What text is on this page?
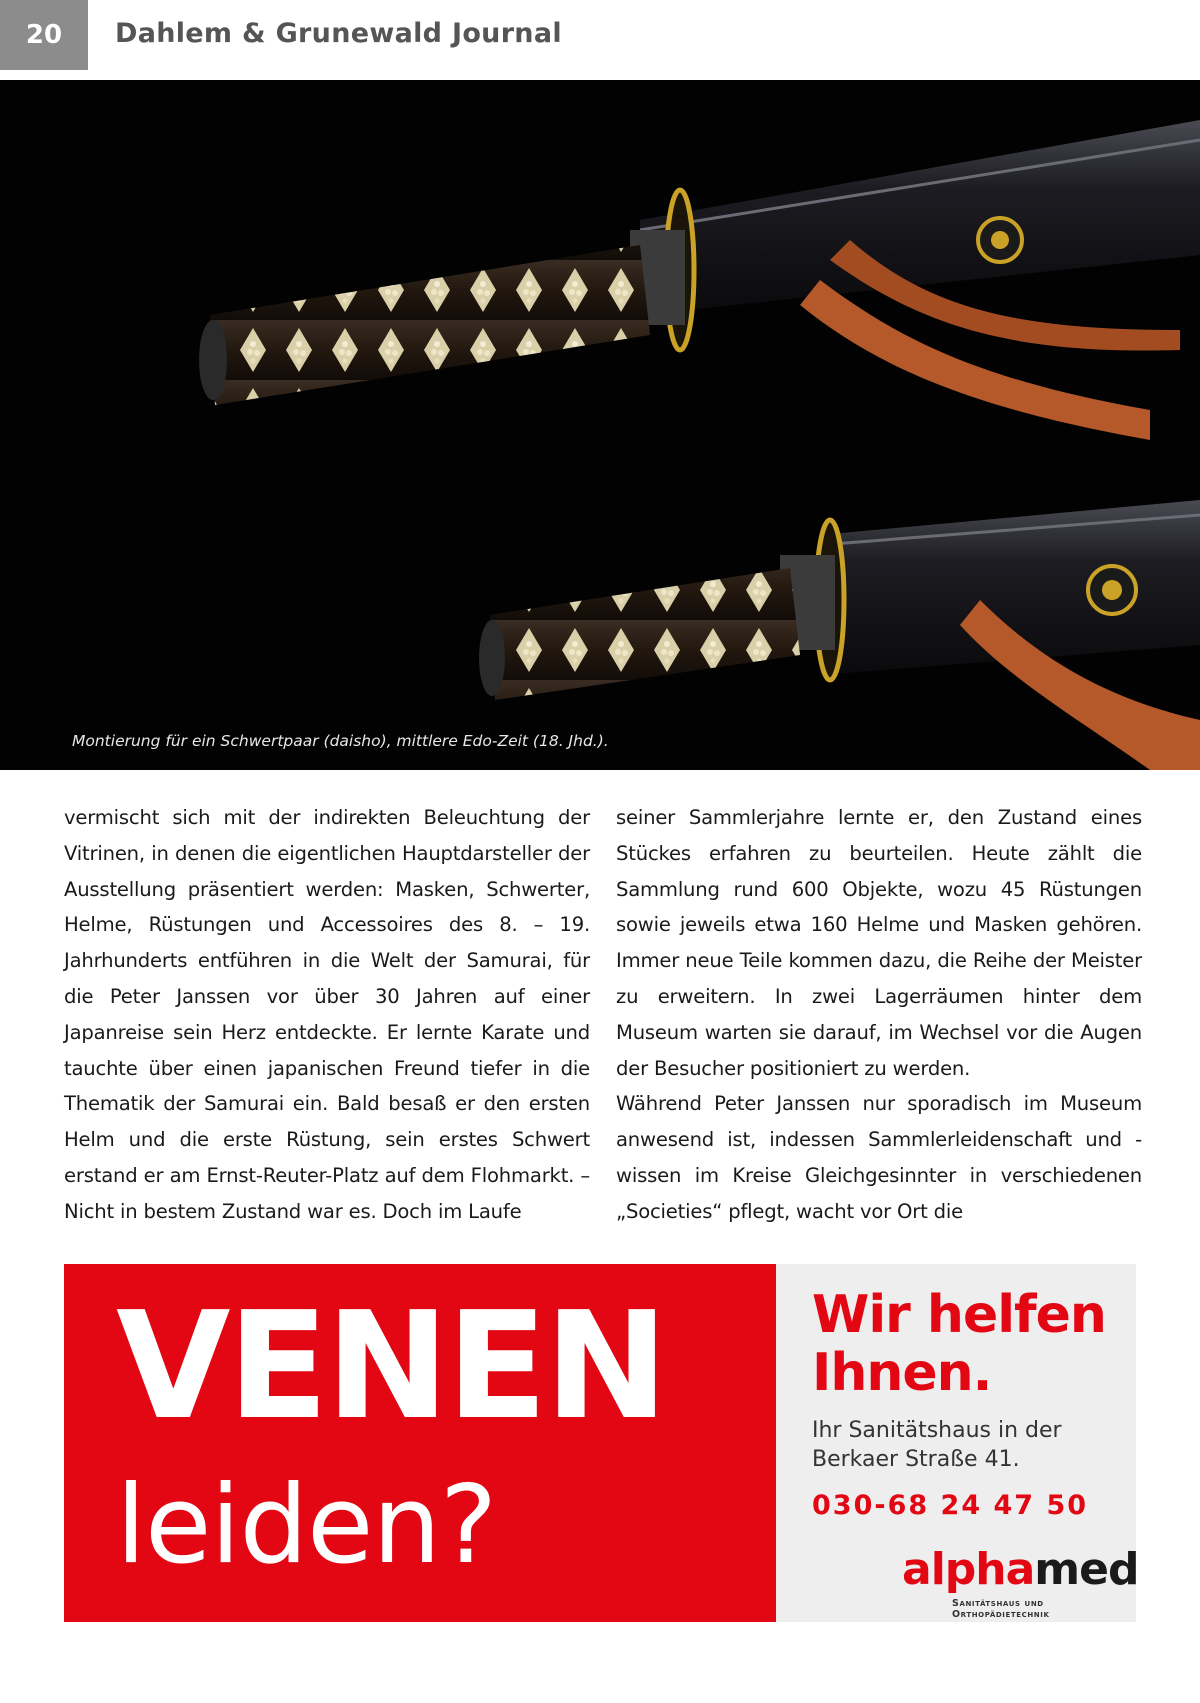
20	Dahlem & Grunewald Journal
Montierung für ein Schwertpaar (daisho), mittlere Edo-Zeit (18. Jhd.).

vermischt sich mit der indirekten Beleuchtung der Vitrinen, in denen die eigentlichen Hauptdarsteller der Ausstellung präsentiert werden: Masken, Schwerter, Helme, Rüstungen und Accessoires des 8. – 19. Jahrhunderts entführen in die Welt der Samurai, für die Peter Janssen vor über 30 Jahren auf einer Japanreise sein Herz entdeckte. Er lernte Karate und tauchte über einen japanischen Freund tiefer in die Thematik der Samurai ein. Bald besaß er den ersten Helm und die erste Rüstung, sein erstes Schwert erstand er am Ernst-Reuter-Platz auf dem Flohmarkt. – Nicht in bestem Zustand war es. Doch im Laufe

seiner Sammlerjahre lernte er, den Zustand eines Stückes erfahren zu beurteilen. Heute zählt die Sammlung rund 600 Objekte, wozu 45 Rüstungen sowie jeweils etwa 160 Helme und Masken gehören. Immer neue Teile kommen dazu, die Reihe der Meister zu erweitern. In zwei Lagerräumen hinter dem Museum warten sie darauf, im Wechsel vor die Augen der Besucher positioniert zu werden.

Während Peter Janssen nur sporadisch im Museum anwesend ist, indessen Sammlerleidenschaft und -wissen im Kreise Gleichgesinnter in verschiedenen „Societies“ pflegt, wacht vor Ort die

VENEN
leiden?
Wir helfen Ihnen.
Ihr Sanitätshaus in der Berkaer Straße 41.
030-68 24 47 50
alphamed
Sanitätshaus und Orthopädietechnik
